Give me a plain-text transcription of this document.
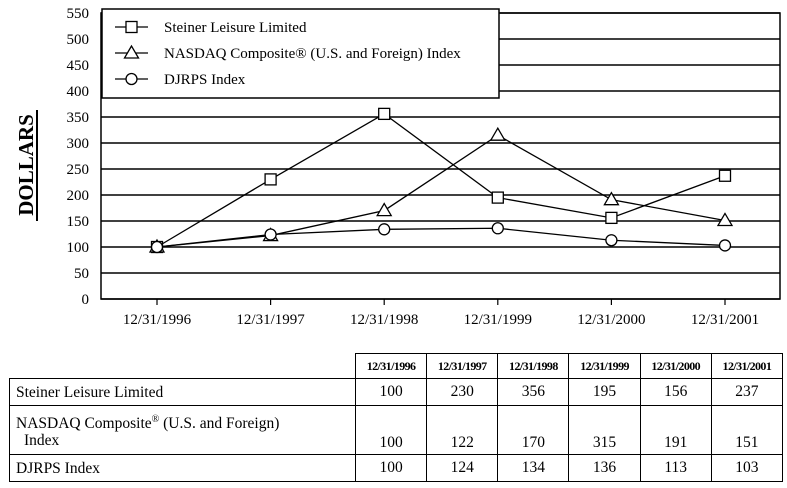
550
500
450
400
350
300
250
200
150
100
50
0
12/31/1996	12/31/1997	12/31/1998	12/31/1999	12/31/2000	12/31/2001
Steiner Leisure Limited
NASDAQ Composite® (U.S. and Foreign) Index
DJRPS Index
DOLLARS
	12/31/1996	12/31/1997	12/31/1998	12/31/1999	12/31/2000	12/31/2001
Steiner Leisure Limited	100	230	356	195	156	237
NASDAQ Composite® (U.S. and Foreign)
Index	100	122	170	315	191	151
DJRPS Index	100	124	134	136	113	103
